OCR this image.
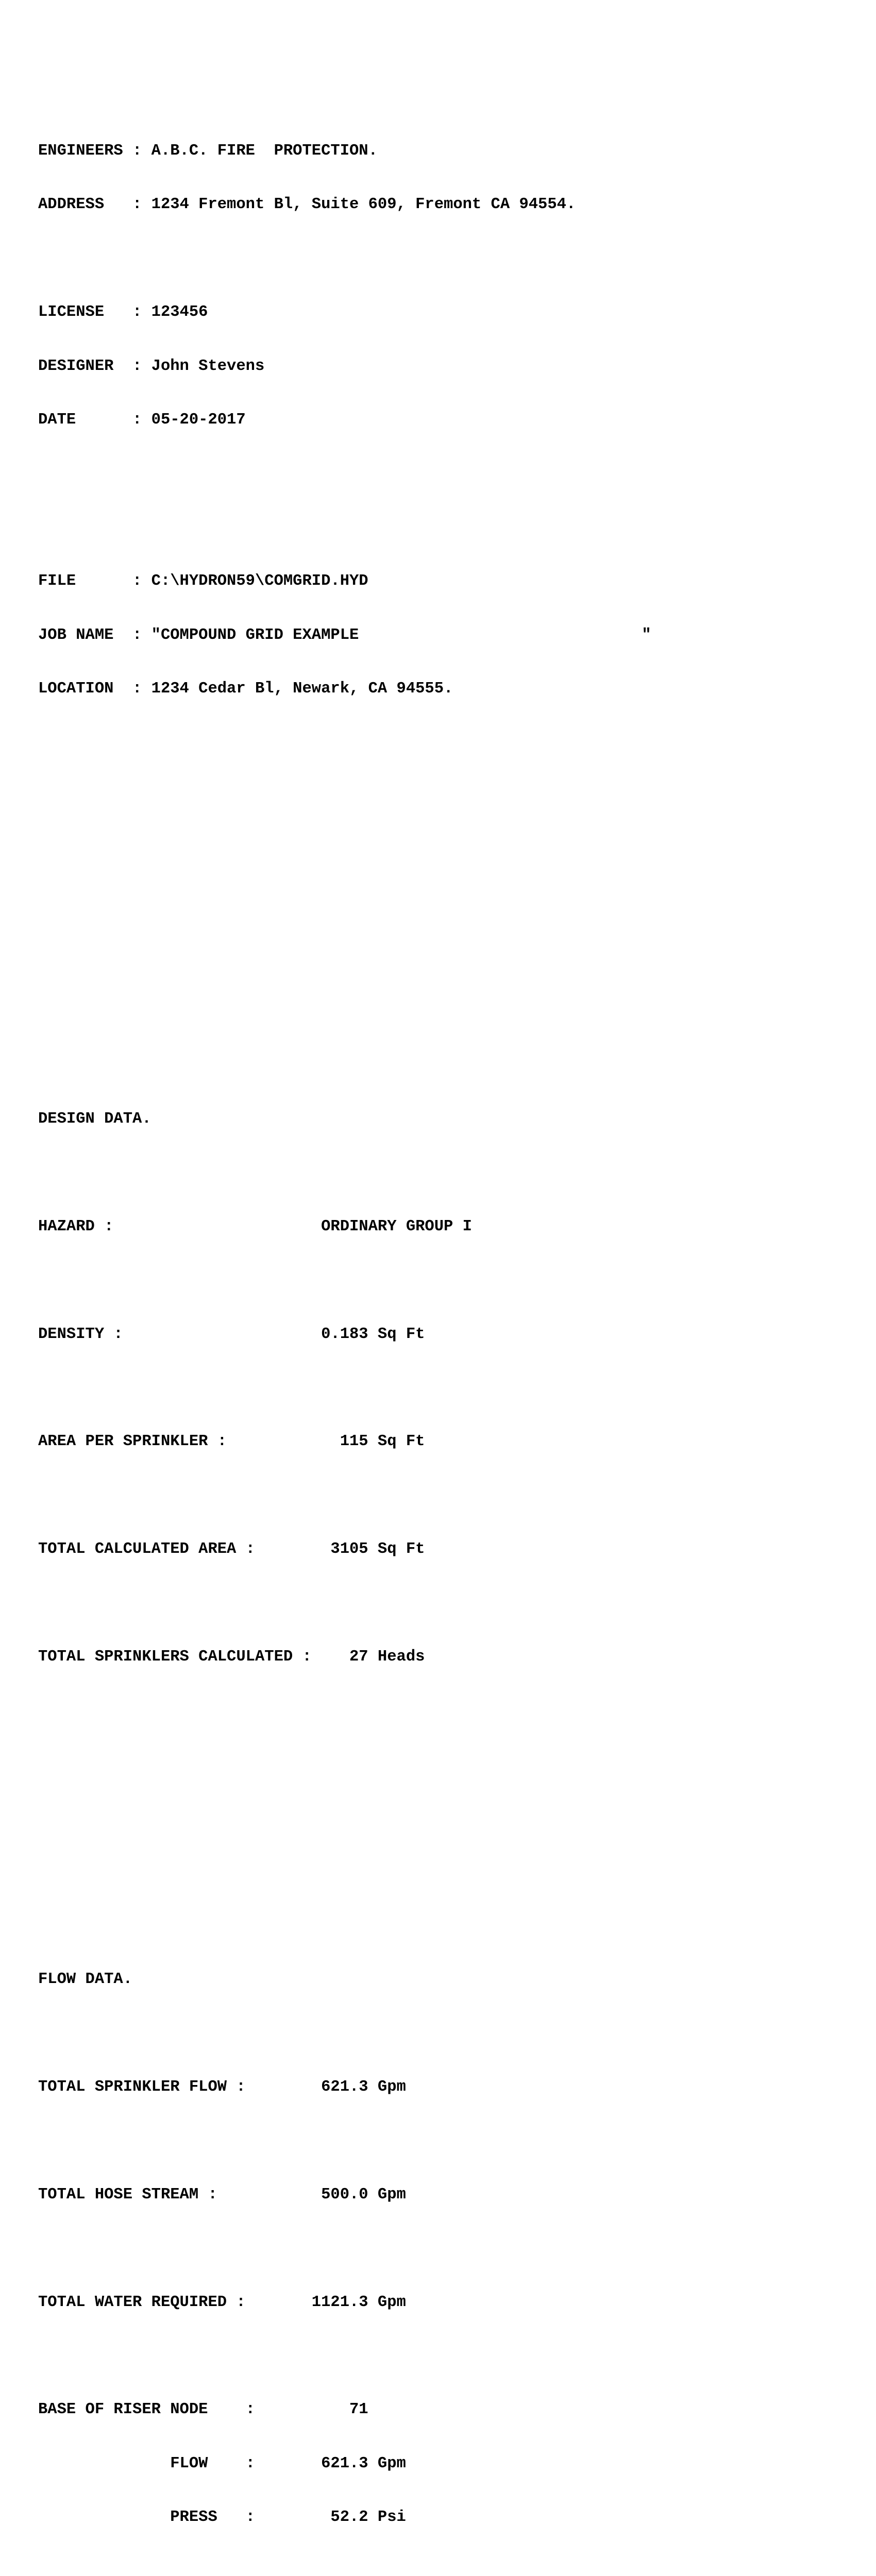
ENGINEERS : A.B.C. FIRE  PROTECTION.

ADDRESS   : 1234 Fremont Bl, Suite 609, Fremont CA 94554.

LICENSE   : 123456

DESIGNER  : John Stevens

DATE      : 05-20-2017

FILE      : C:\HYDRON59\COMGRID.HYD

JOB NAME  : "COMPOUND GRID EXAMPLE                              "

LOCATION  : 1234 Cedar Bl, Newark, CA 94555.

DESIGN DATA.

HAZARD :                      ORDINARY GROUP I

DENSITY :                     0.183 Sq Ft

AREA PER SPRINKLER :            115 Sq Ft

TOTAL CALCULATED AREA :        3105 Sq Ft

TOTAL SPRINKLERS CALCULATED :    27 Heads

FLOW DATA.

TOTAL SPRINKLER FLOW :        621.3 Gpm

TOTAL HOSE STREAM :           500.0 Gpm

TOTAL WATER REQUIRED :       1121.3 Gpm

BASE OF RISER NODE    :          71

FLOW    :       621.3 Gpm

PRESS   :        52.2 Psi
